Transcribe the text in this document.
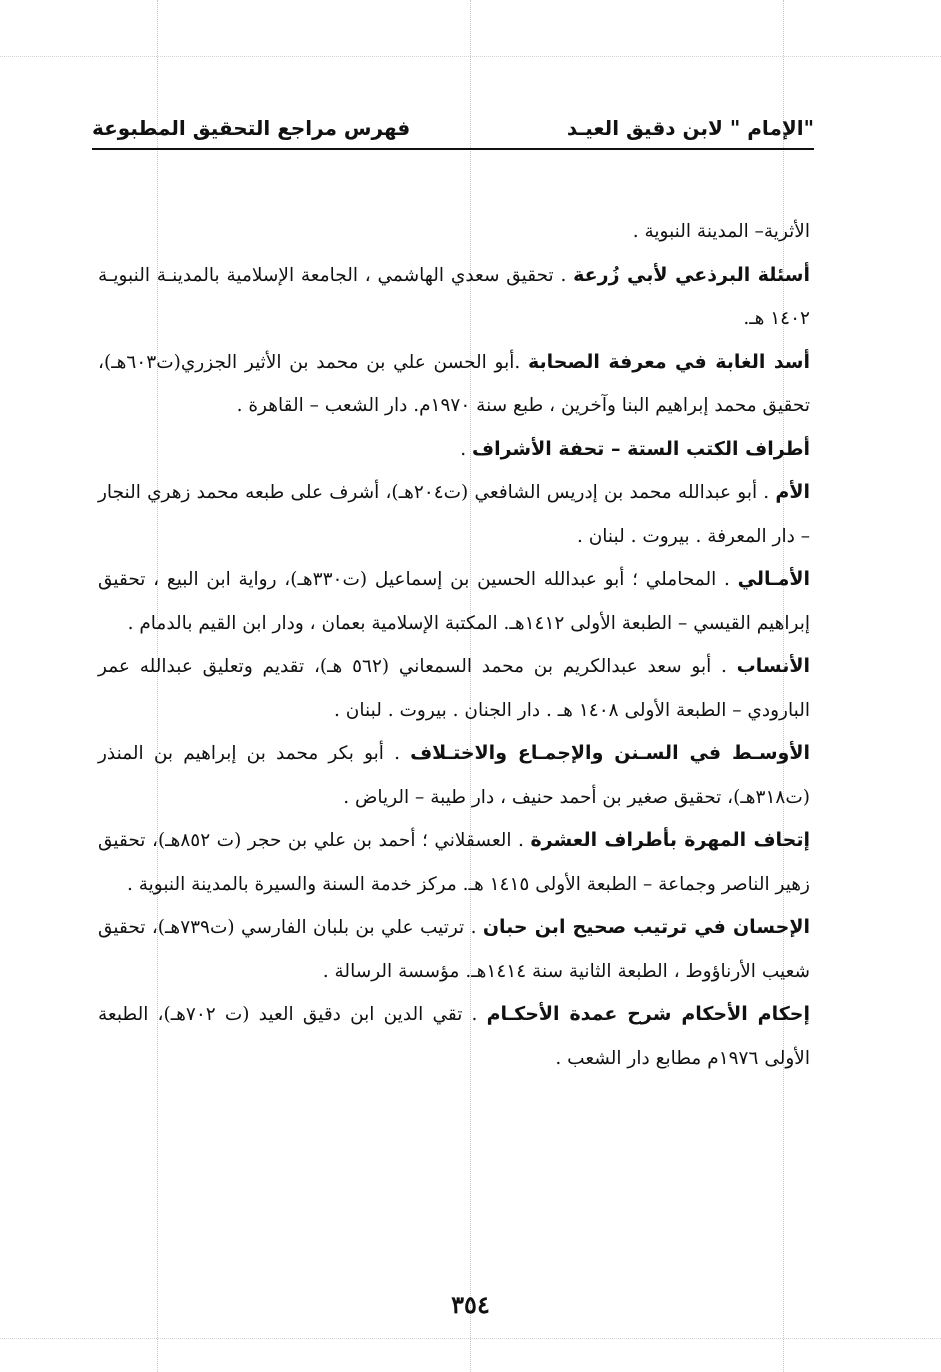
"الإمام " لابن دقيق العيـد
فهرس مراجع التحقيق المطبوعة

الأثرية– المدينة النبوية .

أسئلة البرذعي لأبي زُرعة . تحقيق سعدي الهاشمي ، الجامعة الإسلامية بالمدينـة النبويـة ١٤٠٢ هـ.

أسد الغابة في معرفة الصحابة .أبو الحسن علي بن محمد بن الأثير الجزري(ت٦٠٣هـ)، تحقيق محمد إبراهيم البنا وآخرين ، طبع سنة ١٩٧٠م. دار الشعب – القاهرة .

أطراف الكتب الستة – تحفة الأشراف .

الأم . أبو عبدالله محمد بن إدريس الشافعي (ت٢٠٤هـ)، أشرف على طبعه محمد زهري النجار – دار المعرفة . بيروت . لبنان .

الأمـالي . المحاملي ؛ أبو عبدالله الحسين بن إسماعيل (ت٣٣٠هـ)، رواية ابن البيع ، تحقيق إبراهيم القيسي – الطبعة الأولى ١٤١٢هـ. المكتبة الإسلامية بعمان ، ودار ابن القيم بالدمام .

الأنساب . أبو سعد عبدالكريم بن محمد السمعاني (٥٦٢ هـ)، تقديم وتعليق عبدالله عمر البارودي – الطبعة الأولى ١٤٠٨ هـ . دار الجنان . بيروت . لبنان .

الأوسـط في السـنن والإجمـاع والاختـلاف . أبو بكر محمد بن إبراهيم بن المنذر (ت٣١٨هـ)، تحقيق صغير بن أحمد حنيف ، دار طيبة – الرياض .

إتحاف المهرة بأطراف العشرة . العسقلاني ؛ أحمد بن علي بن حجر (ت ٨٥٢هـ)، تحقيق زهير الناصر وجماعة – الطبعة الأولى ١٤١٥ هـ. مركز خدمة السنة والسيرة بالمدينة النبوية .

الإحسان في ترتيب صحيح ابن حبان . ترتيب علي بن بلبان الفارسي (ت٧٣٩هـ)، تحقيق شعيب الأرناؤوط ، الطبعة الثانية سنة ١٤١٤هـ. مؤسسة الرسالة .

إحكام الأحكام شرح عمدة الأحكـام . تقي الدين ابن دقيق العيد (ت ٧٠٢هـ)، الطبعة الأولى ١٩٧٦م مطابع دار الشعب .

٣٥٤
